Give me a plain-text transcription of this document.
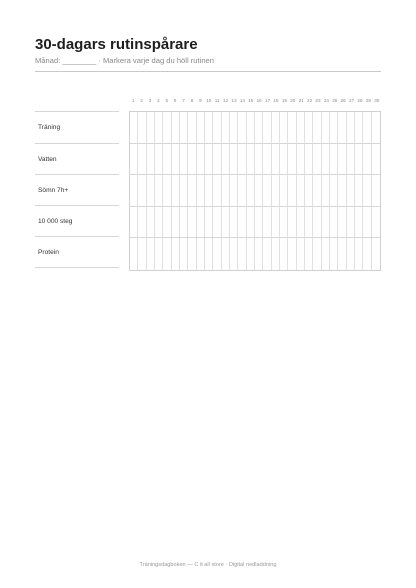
30-dagars rutinspårare
Månad: ________ · Markera varje dag du höll rutinen
1	2	3	4	5	6	7	8	9 10 11 12 13 14 15 16 17 18 19 20 21 22 23 24 25 26 27 28 29 30
Träning
Vatten
Sömn 7h+
10 000 steg
Protein
Träningsdagboken — C it all store · Digital nedladdning
